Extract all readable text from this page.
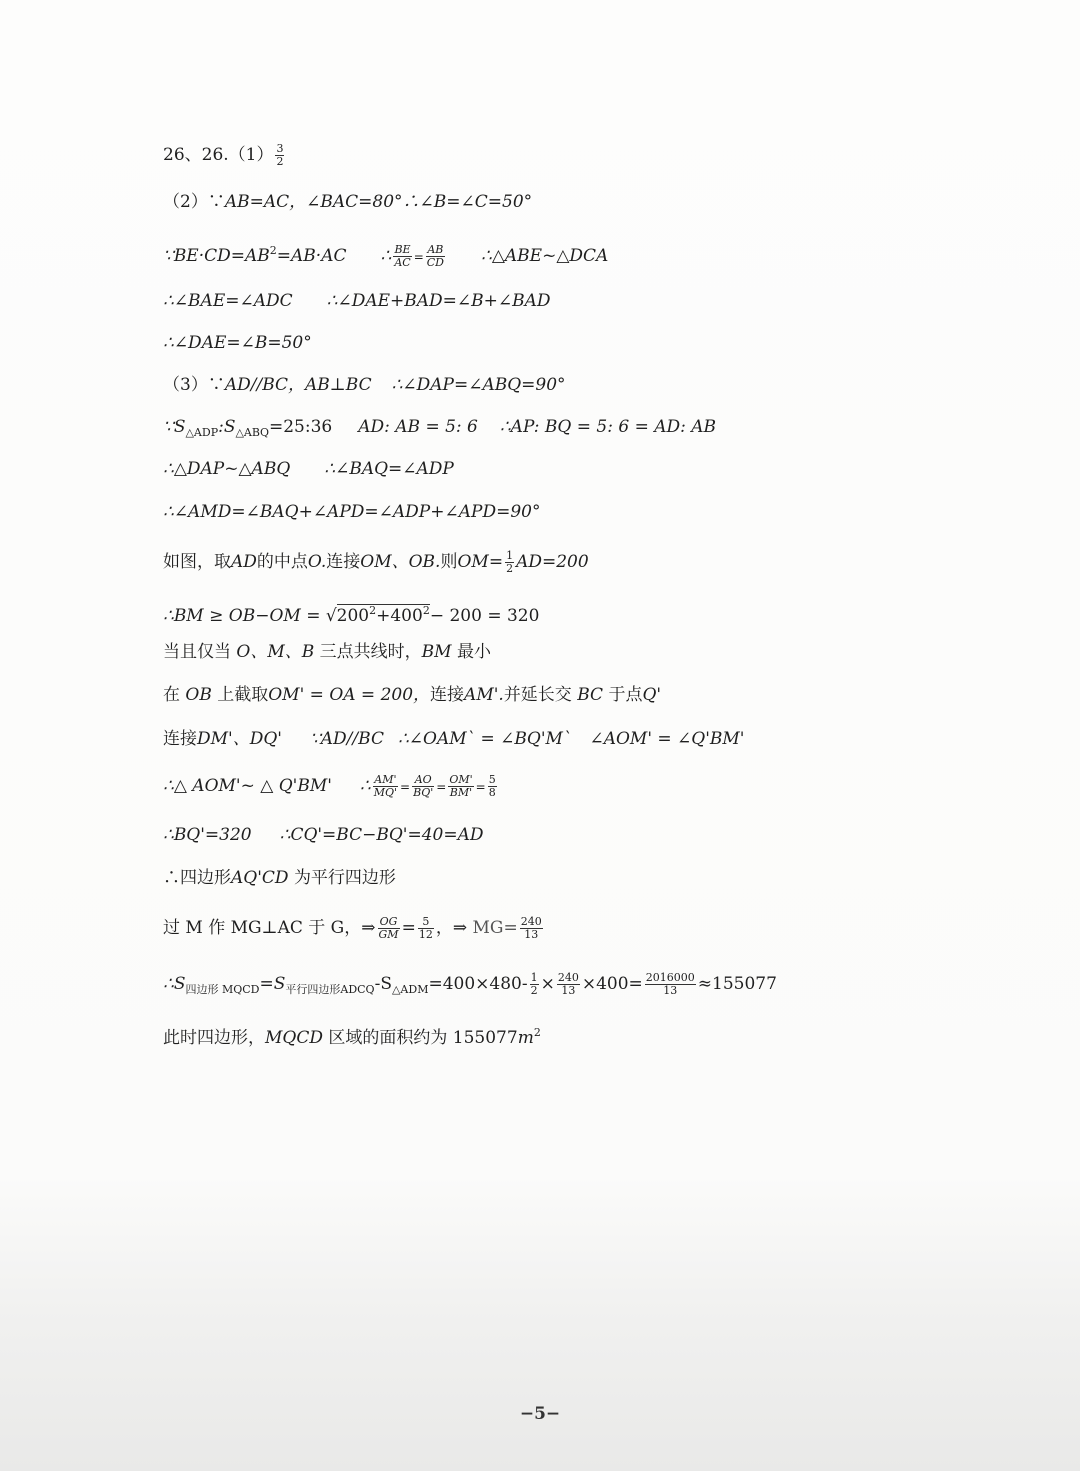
26、$26.(1) \frac{3}{2}$
（2）∵AB=AC，∠BAC=80°∴∠B=∠C=50°
$\because BE\cdot CD=AB^2=AB\cdot AC$ ∴ $\frac{BE}{AC} = \frac{AB}{CD}$ ∴△ABE~△DCA
∴∠BAE=∠ADC ∴∠DAE+BAD=∠B+∠BAD
∴∠DAE=∠B=50°
（3）∵AD//BC，AB⊥BC ∴∠DAP=∠ABQ=90°
$\because S_{\triangle ADP}:S_{\triangle ABQ}=25:36$ AD: AB = 5: 6 ∴AP: BQ = 5: 6 = AD: AB
∴△DAP~△ABQ ∴∠BAQ=∠ADP
∴∠AMD=∠BAQ+∠APD=∠ADP+∠APD=90°
如图，取AD的中点O.连接OM、OB.则$OM= \frac{1}{2} AD=200$
∴BM ≥ $OB-OM = √200^2+400^2- 200 = 320$
当且仅当 O、M、B 三点共线时，BM 最小
在 OB 上截取OM' = OA = 200，连接AM'.并延长交 BC 于点Q'
连接DM'、DQ' ∵AD//BC ∴∠OAM` = ∠BQ'M` ∠AOM' = ∠Q'BM'
∴△ AOM'~ △ Q'BM' ∴ $\frac{AM'}{MQ'} = \frac{AO}{BQ'} = \frac{OM'}{BM'} = \frac{5}{8}$
∴BQ'=320 ∴CQ'=BC−BQ'=40=AD
∴四边形AQ'CD 为平行四边形
过 M 作 MG⊥AC 于 G，⇒ $\frac{OG}{GM} = \frac{5}{12}$ ，⇒ $MG= \frac{240}{13}$
$\therefore S_{四边形 MQCD}=S_{平行四边形ADCQ}-S_{\triangle ADM}=400\times 480- \frac{1}{2} \times \frac{240}{13} \times 400= \frac{2016000}{13} \approx 155077$
此时四边形，MQCD 区域的面积约为 $155077m^2$
−5−
